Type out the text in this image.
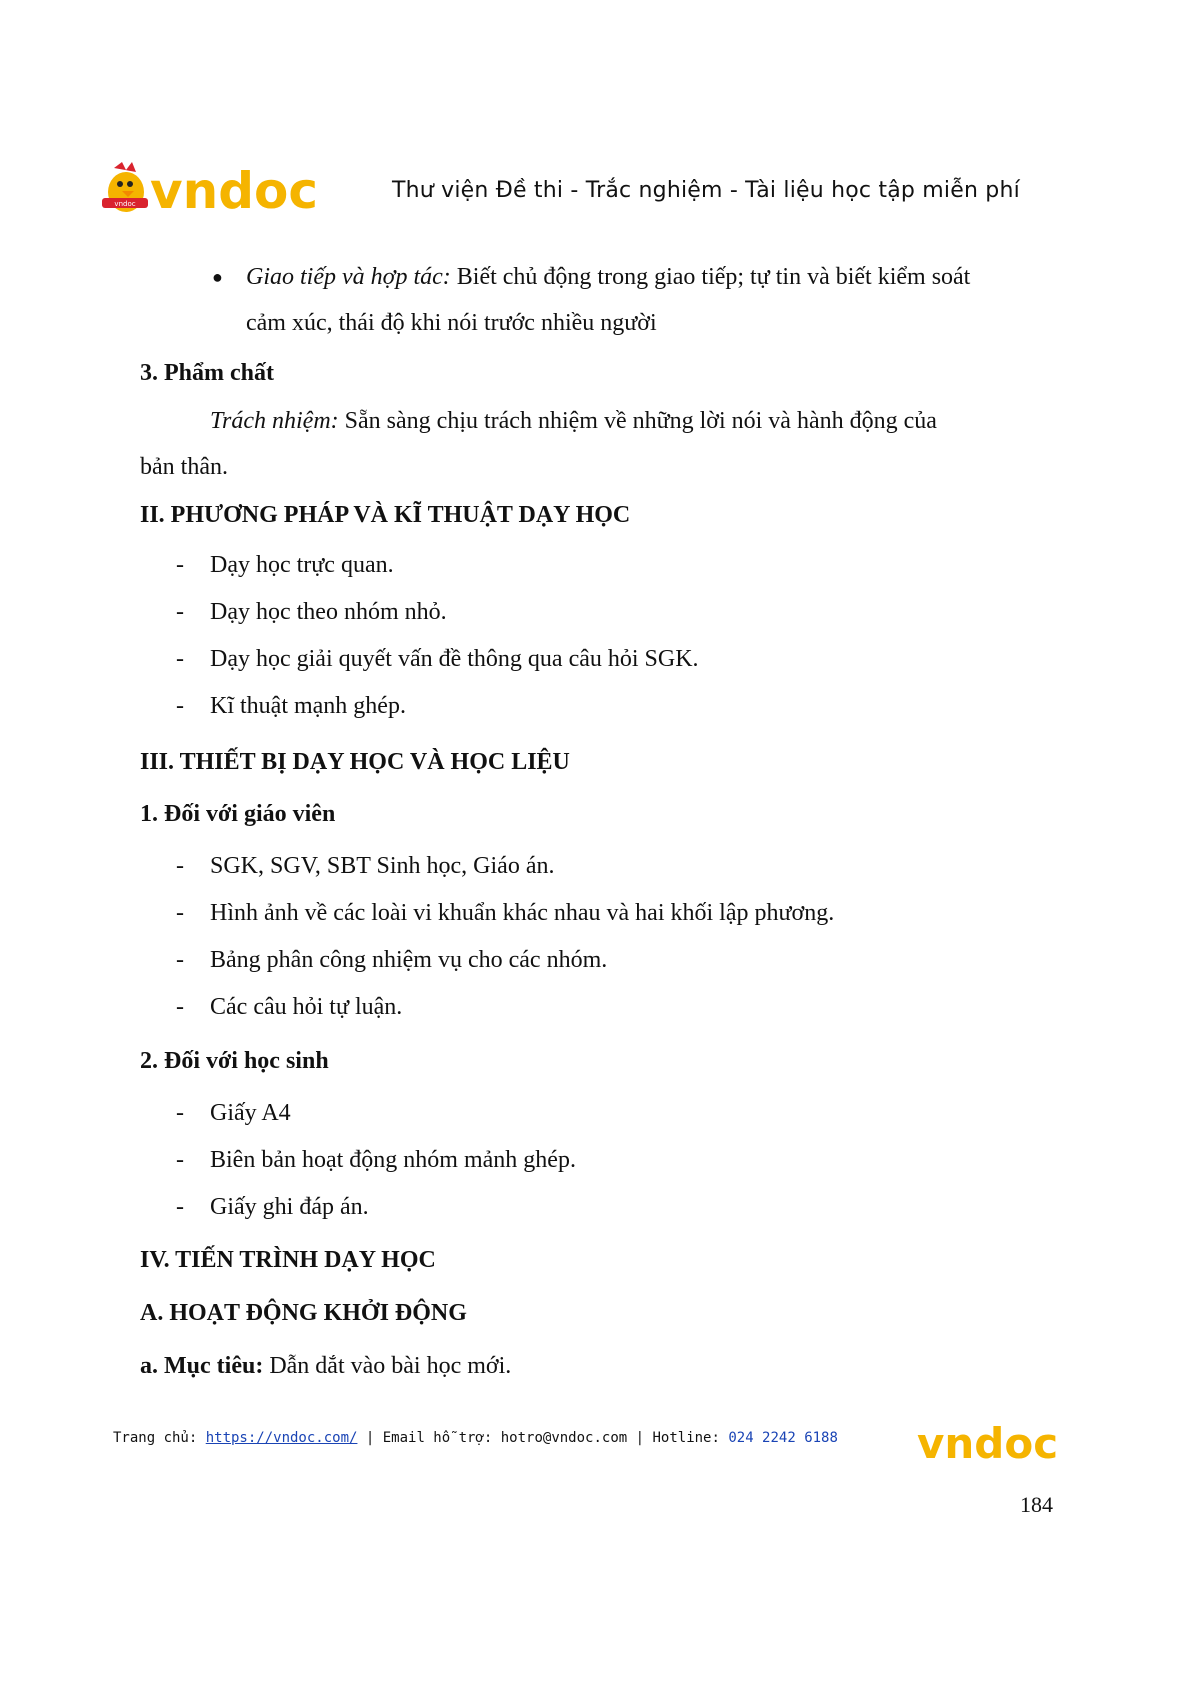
vndoc vndoc	Thư viện Đề thi - Trắc nghiệm - Tài liệu học tập miễn phí
● Giao tiếp và hợp tác: Biết chủ động trong giao tiếp; tự tin và biết kiểm soát
cảm xúc, thái độ khi nói trước nhiều người
3. Phẩm chất
Trách nhiệm: Sẵn sàng chịu trách nhiệm về những lời nói và hành động của
bản thân.
II. PHƯƠNG PHÁP VÀ KĨ THUẬT DẠY HỌC
- Dạy học trực quan.
- Dạy học theo nhóm nhỏ.
- Dạy học giải quyết vấn đề thông qua câu hỏi SGK.
- Kĩ thuật mạnh ghép.
III. THIẾT BỊ DẠY HỌC VÀ HỌC LIỆU
1. Đối với giáo viên
- SGK, SGV, SBT Sinh học, Giáo án.
- Hình ảnh về các loài vi khuẩn khác nhau và hai khối lập phương.
- Bảng phân công nhiệm vụ cho các nhóm.
- Các câu hỏi tự luận.
2. Đối với học sinh
- Giấy A4
- Biên bản hoạt động nhóm mảnh ghép.
- Giấy ghi đáp án.
IV. TIẾN TRÌNH DẠY HỌC
A. HOẠT ĐỘNG KHỞI ĐỘNG
a. Mục tiêu: Dẫn dắt vào bài học mới.
Trang chủ: https://vndoc.com/ | Email hỗ trợ: hotro@vndoc.com | Hotline: 024 2242 6188 vndoc
184
